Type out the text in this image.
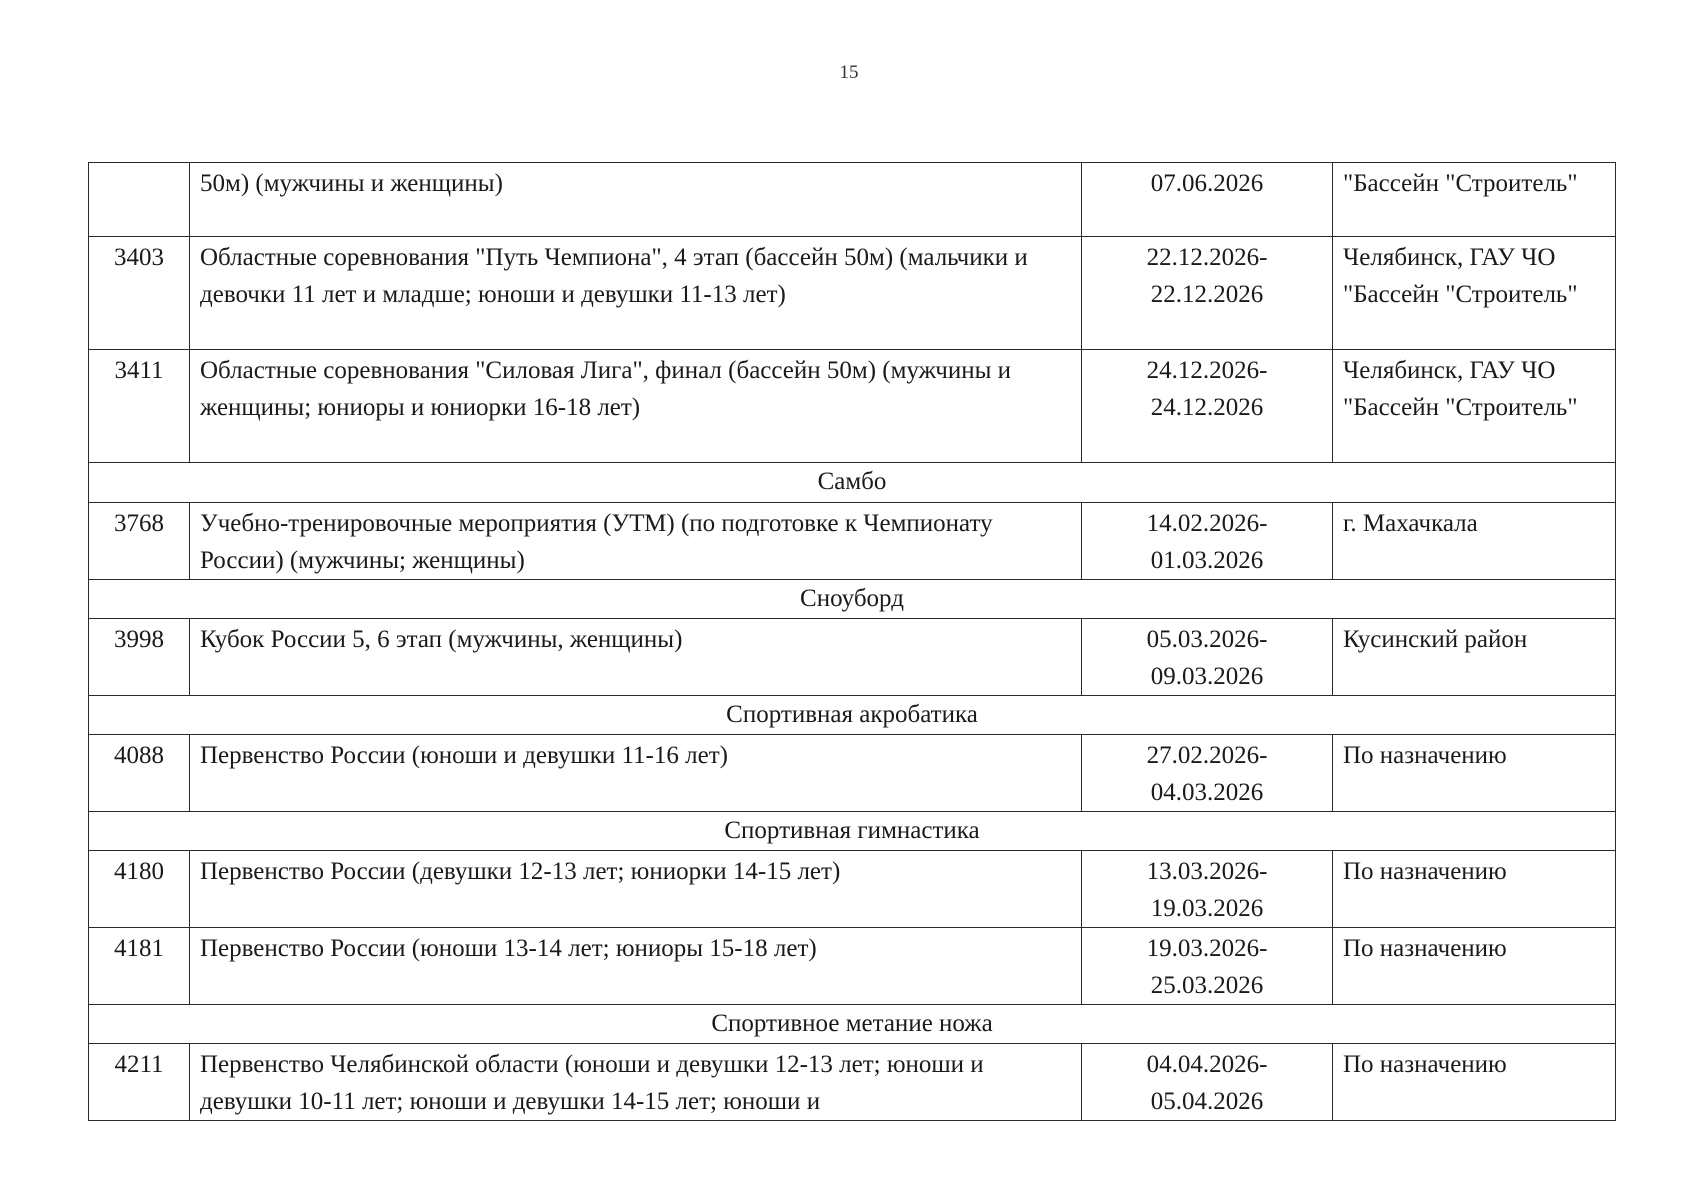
15
	50м) (мужчины и женщины)	07.06.2026	"Бассейн "Строитель"
3403	Областные соревнования "Путь Чемпиона", 4 этап (бассейн 50м) (мальчики и девочки 11 лет и младше; юноши и девушки 11-13 лет)	22.12.2026- 22.12.2026	Челябинск, ГАУ ЧО "Бассейн "Строитель"
3411	Областные соревнования "Силовая Лига", финал (бассейн 50м) (мужчины и женщины; юниоры и юниорки 16-18 лет)	24.12.2026- 24.12.2026	Челябинск, ГАУ ЧО "Бассейн "Строитель"
Самбо			
3768	Учебно-тренировочные мероприятия (УТМ) (по подготовке к Чемпионату России) (мужчины; женщины)	14.02.2026- 01.03.2026	г. Махачкала
Сноуборд			
3998	Кубок России 5, 6 этап (мужчины, женщины)	05.03.2026- 09.03.2026	Кусинский район
Спортивная акробатика			
4088	Первенство России (юноши и девушки 11-16 лет)	27.02.2026- 04.03.2026	По назначению
Спортивная гимнастика			
4180	Первенство России (девушки 12-13 лет; юниорки 14-15 лет)	13.03.2026- 19.03.2026	По назначению
4181	Первенство России (юноши 13-14 лет; юниоры 15-18 лет)	19.03.2026- 25.03.2026	По назначению
Спортивное метание ножа			
4211	Первенство Челябинской области (юноши и девушки 12-13 лет; юноши и девушки 10-11 лет; юноши и девушки 14-15 лет; юноши и	04.04.2026- 05.04.2026	По назначению
